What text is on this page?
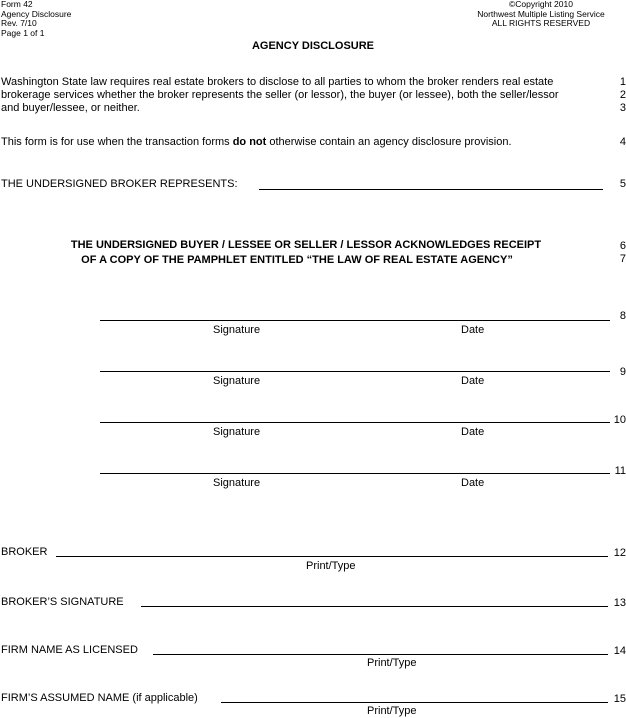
Form 42
Agency Disclosure
Rev. 7/10
Page 1 of 1
©Copyright 2010
Northwest Multiple Listing Service
ALL RIGHTS RESERVED
AGENCY DISCLOSURE
Washington State law requires real estate brokers to disclose to all parties to whom the broker renders real estate
brokerage services whether the broker represents the seller (or lessor), the buyer (or lessee), both the seller/lessor
and buyer/lessee, or neither.
1
2
3
This form is for use when the transaction forms do not otherwise contain an agency disclosure provision.	4
THE UNDERSIGNED BROKER REPRESENTS:	5
THE UNDERSIGNED BUYER / LESSEE OR SELLER / LESSOR ACKNOWLEDGES RECEIPT
OF A COPY OF THE PAMPHLET ENTITLED “THE LAW OF REAL ESTATE AGENCY”
6
7
Signature	Date
8
Signature	Date
9
Signature	Date
10
Signature	Date
11
BROKER
Print/Type
12
BROKER’S SIGNATURE	13
FIRM NAME AS LICENSED
Print/Type
14
FIRM’S ASSUMED NAME (if applicable)
Print/Type
15
